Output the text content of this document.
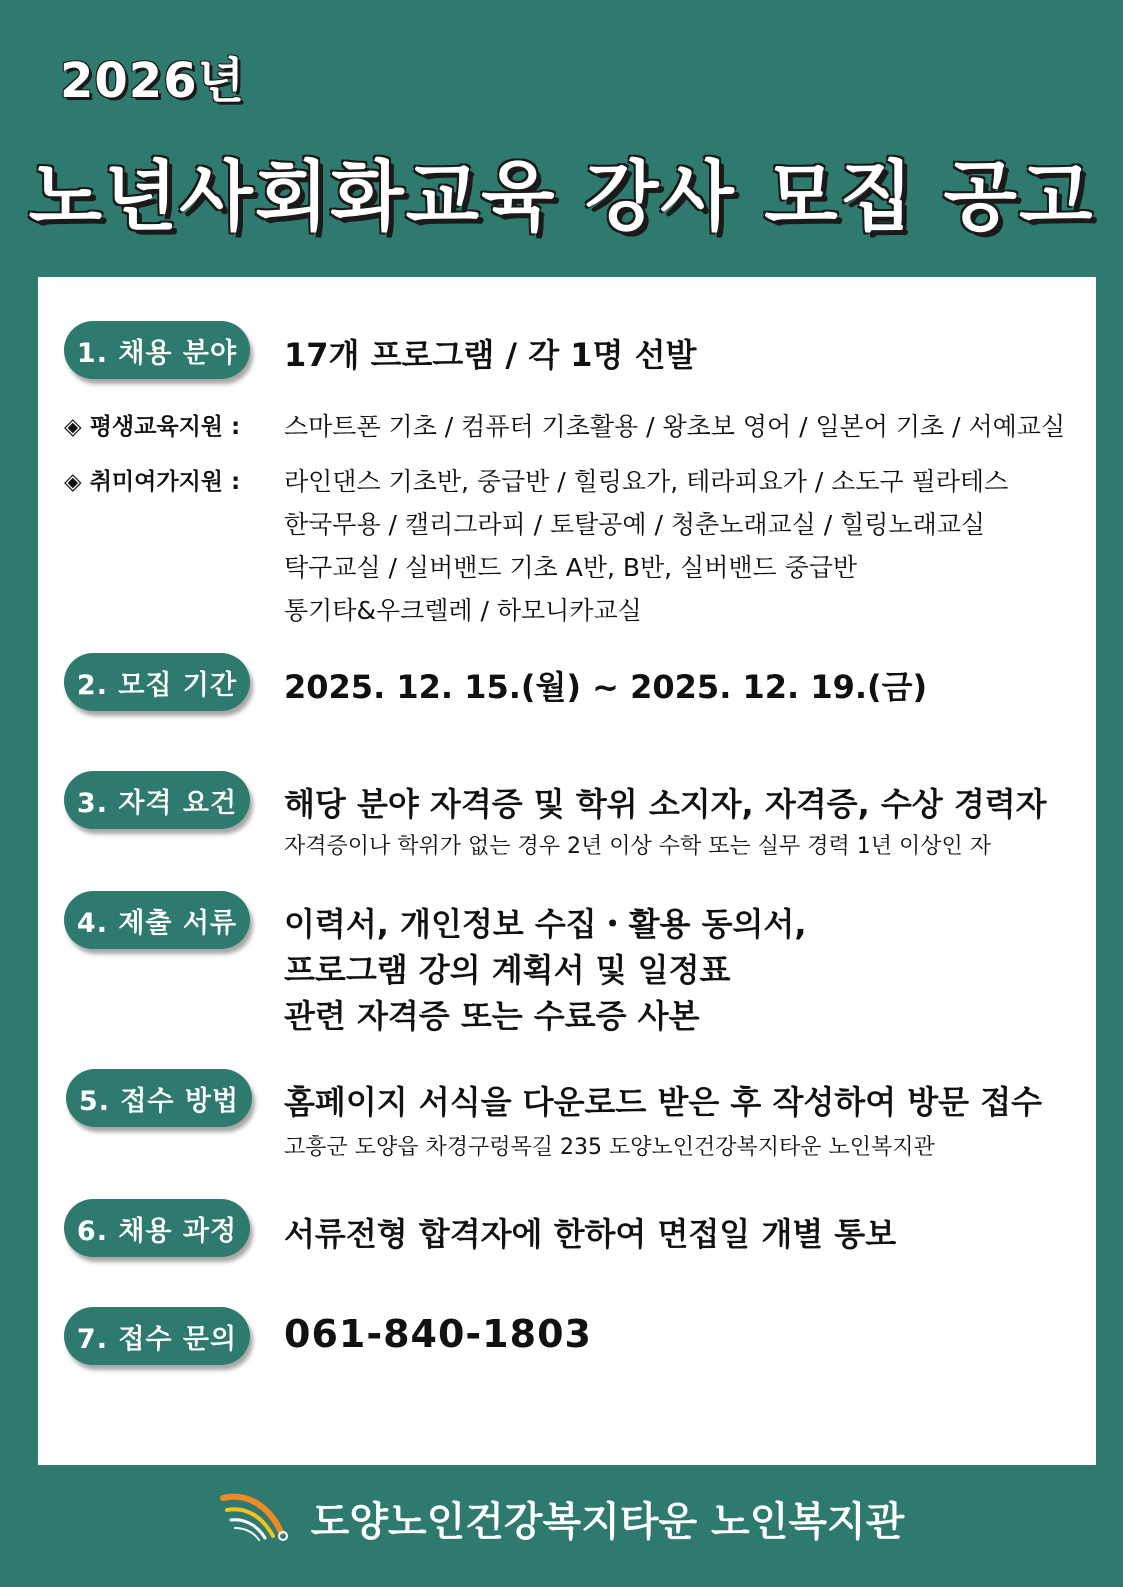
2026년
노년사회화교육 강사 모집 공고
1. 채용 분야	17개 프로그램 / 각 1명 선발
◈ 평생교육지원 : 스마트폰 기초 / 컴퓨터 기초활용 / 왕초보 영어 / 일본어 기초 / 서예교실
◈ 취미여가지원 : 라인댄스 기초반, 중급반 / 힐링요가, 테라피요가 / 소도구 필라테스
한국무용 / 캘리그라피 / 토탈공예 / 청춘노래교실 / 힐링노래교실
탁구교실 / 실버밴드 기초 A반, B반, 실버밴드 중급반
통기타&우크렐레 / 하모니카교실
2. 모집 기간	2025. 12. 15.(월) ~ 2025. 12. 19.(금)
3. 자격 요건	해당 분야 자격증 및 학위 소지자, 자격증, 수상 경력자
자격증이나 학위가 없는 경우 2년 이상 수학 또는 실무 경력 1년 이상인 자
4. 제출 서류	이력서, 개인정보 수집・활용 동의서,
프로그램 강의 계획서 및 일정표
관련 자격증 또는 수료증 사본
5. 접수 방법	홈페이지 서식을 다운로드 받은 후 작성하여 방문 접수
고흥군 도양읍 차경구렁목길 235 도양노인건강복지타운 노인복지관
6. 채용 과정	서류전형 합격자에 한하여 면접일 개별 통보
7. 접수 문의	061-840-1803
도양노인건강복지타운 노인복지관
